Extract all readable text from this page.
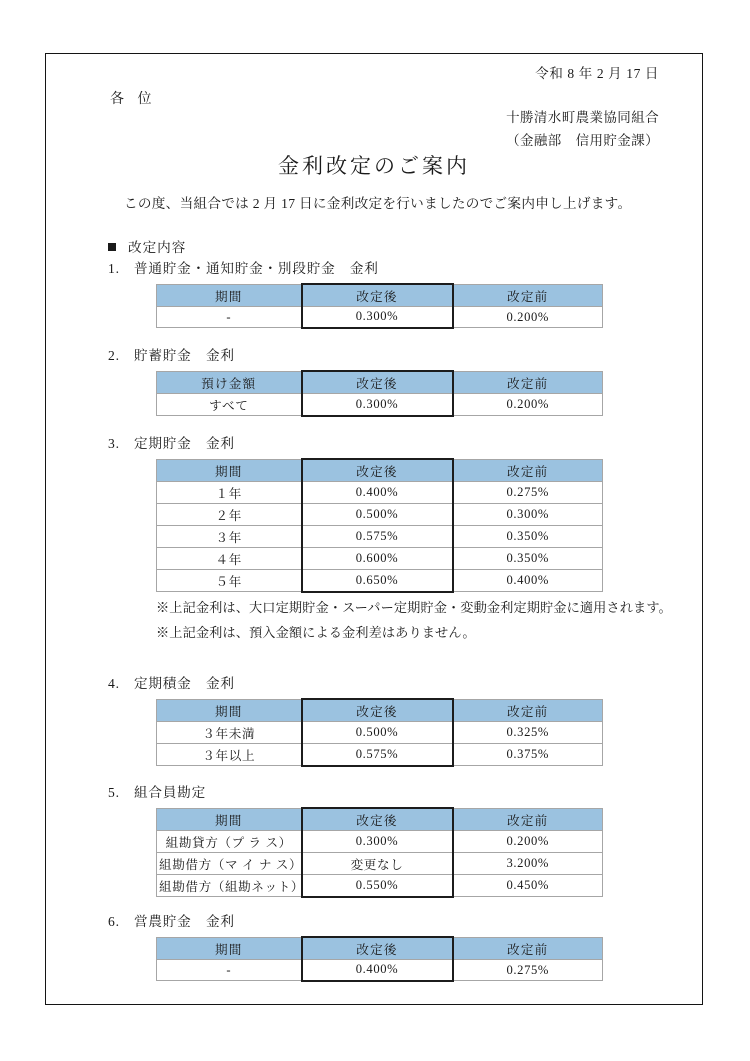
令和 8 年 2 月 17 日
各 位
十勝清水町農業協同組合
（金融部　信用貯金課）
金利改定のご案内
この度、当組合では 2 月 17 日に金利改定を行いましたのでご案内申し上げます。
改定内容
1. 普通貯金・通知貯金・別段貯金　金利
期間	改定後	改定前
-	0.300%	0.200%
2. 貯蓄貯金　金利
預け金額	改定後	改定前
すべて	0.300%	0.200%
3. 定期貯金　金利
期間	改定後	改定前
１年	0.400%	0.275%
２年	0.500%	0.300%
３年	0.575%	0.350%
４年	0.600%	0.350%
５年	0.650%	0.400%
※上記金利は、大口定期貯金・スーパー定期貯金・変動金利定期貯金に適用されます。
※上記金利は、預入金額による金利差はありません。
4. 定期積金　金利
期間	改定後	改定前
３年未満	0.500%	0.325%
３年以上	0.575%	0.375%
5. 組合員勘定
期間	改定後	改定前
組勘貸方（プ ラ ス）	0.300%	0.200%
組勘借方（マ イ ナ ス）	変更なし	3.200%
組勘借方（組勘ネット）	0.550%	0.450%
6. 営農貯金　金利
期間	改定後	改定前
-	0.400%	0.275%
